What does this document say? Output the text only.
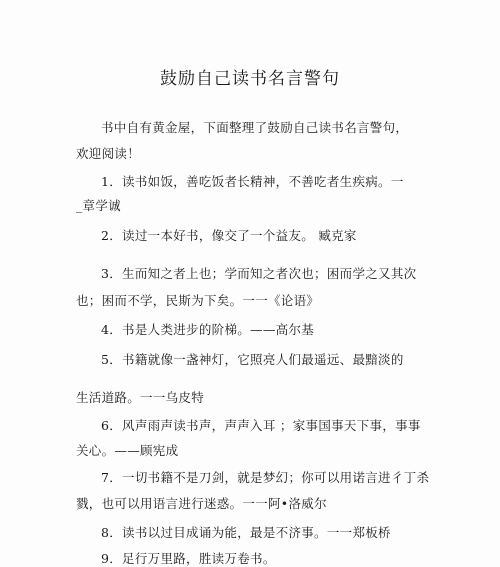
鼓励自己读书名言警句
书中自有黄金屋，下面整理了鼓励自己读书名言警句，
欢迎阅读！
1．读书如饭，善吃饭者长精神，不善吃者生疾病。一
_章学诚
2．读过一本好书，像交了一个益友。 臧克家
3．生而知之者上也；学而知之者次也；困而学之又其次
也；困而不学，民斯为下矣。一一《论语》
4．书是人类进步的阶梯。——高尔基
5．书籍就像一盏神灯，它照亮人们最遥远、最黯淡的
生活道路。一一乌皮特
6．风声雨声读书声，声声入耳 ；家事国事天下事，事事
关心。——顾宪成
7．一切书籍不是刀剑，就是梦幻；你可以用诺言进彳丁杀
戮，也可以用语言进行迷惑。一一阿•洛威尔
8．读书以过目成诵为能，最是不济事。一一郑板桥
9．足行万里路，胜读万卷书。
